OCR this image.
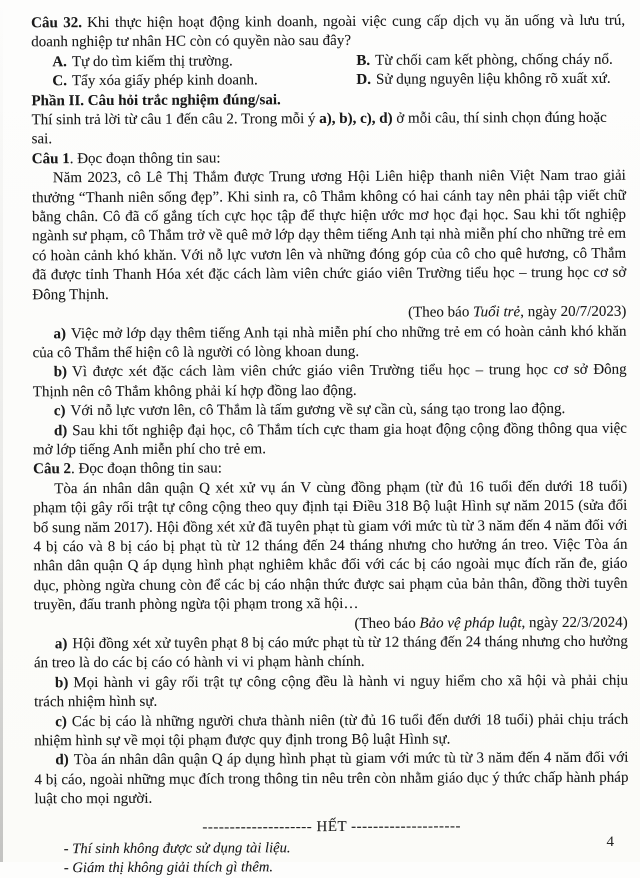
Câu 32. Khi thực hiện hoạt động kinh doanh, ngoài việc cung cấp dịch vụ ăn uống và lưu trú, doanh nghiệp tư nhân HC còn có quyền nào sau đây?

A. Tự do tìm kiếm thị trường.	B. Từ chối cam kết phòng, chống cháy nổ.

C. Tẩy xóa giấy phép kinh doanh.	D. Sử dụng nguyên liệu không rõ xuất xứ.

Phần II. Câu hỏi trắc nghiệm đúng/sai.

Thí sinh trả lời từ câu 1 đến câu 2. Trong mỗi ý a), b), c), d) ở mỗi câu, thí sinh chọn đúng hoặc sai.

Câu 1. Đọc đoạn thông tin sau:

Năm 2023, cô Lê Thị Thắm được Trung ương Hội Liên hiệp thanh niên Việt Nam trao giải thưởng “Thanh niên sống đẹp”. Khi sinh ra, cô Thắm không có hai cánh tay nên phải tập viết chữ bằng chân. Cô đã cố gắng tích cực học tập để thực hiện ước mơ học đại học. Sau khi tốt nghiệp ngành sư phạm, cô Thắm trở về quê mở lớp dạy thêm tiếng Anh tại nhà miễn phí cho những trẻ em có hoàn cảnh khó khăn. Với nỗ lực vươn lên và những đóng góp của cô cho quê hương, cô Thắm đã được tỉnh Thanh Hóa xét đặc cách làm viên chức giáo viên Trường tiểu học – trung học cơ sở Đông Thịnh.

(Theo báo Tuổi trẻ, ngày 20/7/2023)

a) Việc mở lớp dạy thêm tiếng Anh tại nhà miễn phí cho những trẻ em có hoàn cảnh khó khăn của cô Thắm thể hiện cô là người có lòng khoan dung.

b) Vì được xét đặc cách làm viên chức giáo viên Trường tiểu học – trung học cơ sở Đông Thịnh nên cô Thắm không phải kí hợp đồng lao động.

c) Với nỗ lực vươn lên, cô Thắm là tấm gương về sự cần cù, sáng tạo trong lao động.

d) Sau khi tốt nghiệp đại học, cô Thắm tích cực tham gia hoạt động cộng đồng thông qua việc mở lớp tiếng Anh miễn phí cho trẻ em.

Câu 2. Đọc đoạn thông tin sau:

Tòa án nhân dân quận Q xét xử vụ án V cùng đồng phạm (từ đủ 16 tuổi đến dưới 18 tuổi) phạm tội gây rối trật tự công cộng theo quy định tại Điều 318 Bộ luật Hình sự năm 2015 (sửa đổi bổ sung năm 2017). Hội đồng xét xử đã tuyên phạt tù giam với mức tù từ 3 năm đến 4 năm đối với 4 bị cáo và 8 bị cáo bị phạt tù từ 12 tháng đến 24 tháng nhưng cho hưởng án treo. Việc Tòa án nhân dân quận Q áp dụng hình phạt nghiêm khắc đối với các bị cáo ngoài mục đích răn đe, giáo dục, phòng ngừa chung còn để các bị cáo nhận thức được sai phạm của bản thân, đồng thời tuyên truyền, đấu tranh phòng ngừa tội phạm trong xã hội…

(Theo báo Bảo vệ pháp luật, ngày 22/3/2024)

a) Hội đồng xét xử tuyên phạt 8 bị cáo mức phạt tù từ 12 tháng đến 24 tháng nhưng cho hưởng án treo là do các bị cáo có hành vi vi phạm hành chính.

b) Mọi hành vi gây rối trật tự công cộng đều là hành vi nguy hiểm cho xã hội và phải chịu trách nhiệm hình sự.

c) Các bị cáo là những người chưa thành niên (từ đủ 16 tuổi đến dưới 18 tuổi) phải chịu trách nhiệm hình sự về mọi tội phạm được quy định trong Bộ luật Hình sự.

d) Tòa án nhân dân quận Q áp dụng hình phạt tù giam với mức tù từ 3 năm đến 4 năm đối với 4 bị cáo, ngoài những mục đích trong thông tin nêu trên còn nhằm giáo dục ý thức chấp hành pháp luật cho mọi người.

-------------------- HẾT --------------------

- Thí sinh không được sử dụng tài liệu.

- Giám thị không giải thích gì thêm.

4
